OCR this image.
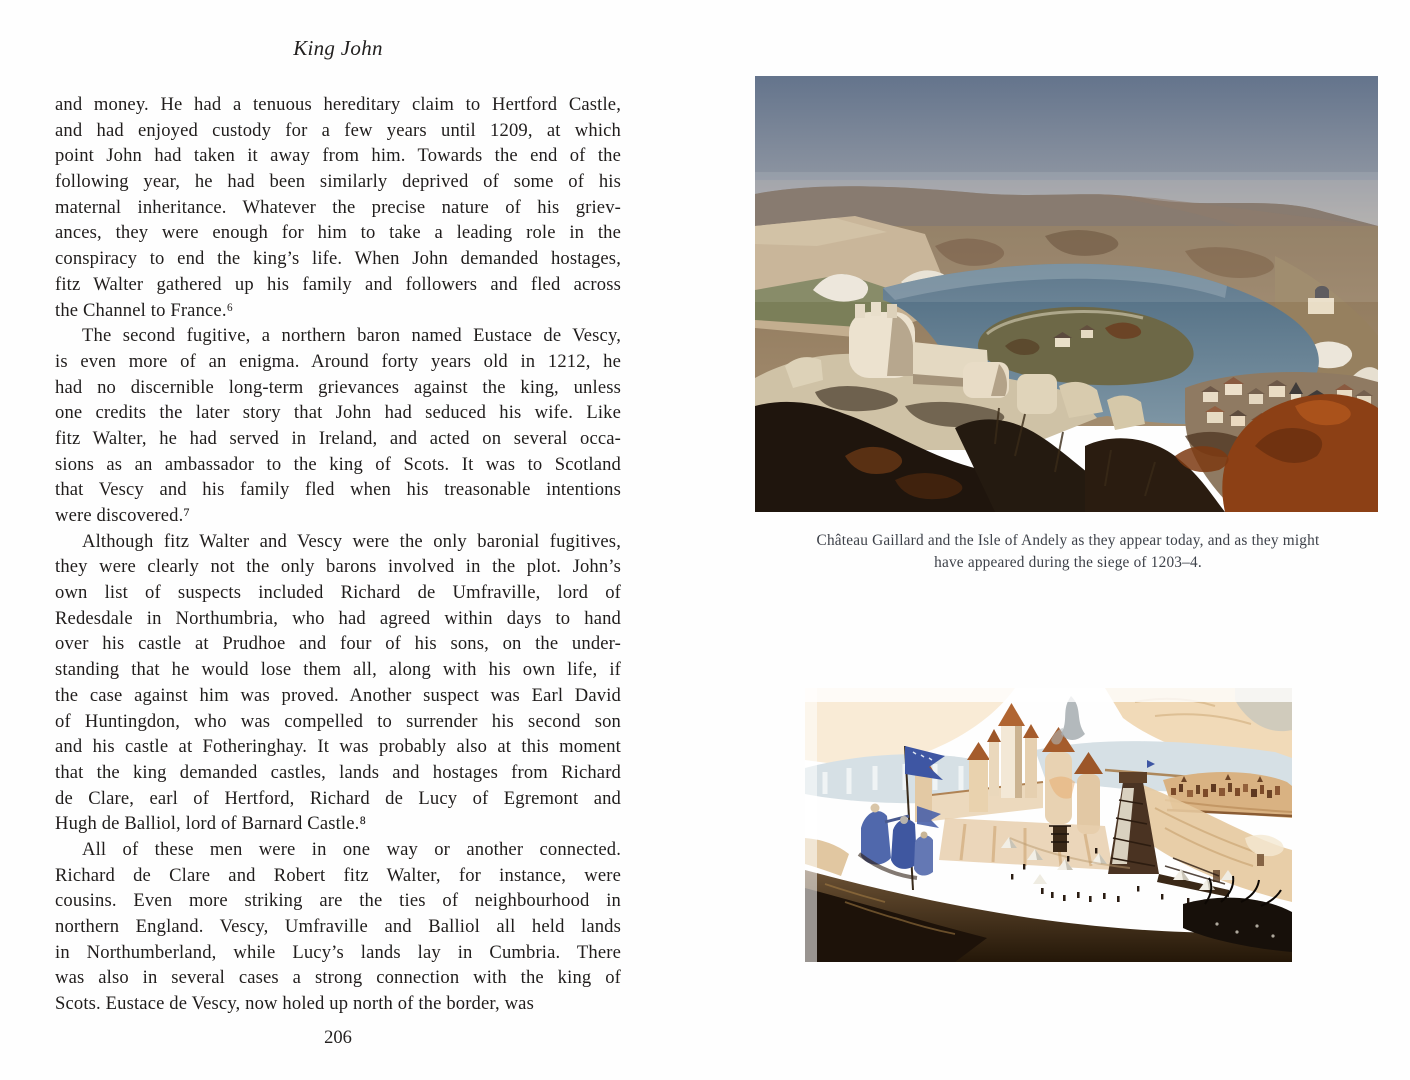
King John
and money. He had a tenuous hereditary claim to Hertford Castle,
and had enjoyed custody for a few years until 1209, at which
point John had taken it away from him. Towards the end of the
following year, he had been similarly deprived of some of his
maternal inheritance. Whatever the precise nature of his griev-
ances, they were enough for him to take a leading role in the
conspiracy to end the king’s life. When John demanded hostages,
fitz Walter gathered up his family and followers and fled across
the Channel to France.⁶
The second fugitive, a northern baron named Eustace de Vescy,
is even more of an enigma. Around forty years old in 1212, he
had no discernible long-term grievances against the king, unless
one credits the later story that John had seduced his wife. Like
fitz Walter, he had served in Ireland, and acted on several occa-
sions as an ambassador to the king of Scots. It was to Scotland
that Vescy and his family fled when his treasonable intentions
were discovered.⁷
Although fitz Walter and Vescy were the only baronial fugitives,
they were clearly not the only barons involved in the plot. John’s
own list of suspects included Richard de Umfraville, lord of
Redesdale in Northumbria, who had agreed within days to hand
over his castle at Prudhoe and four of his sons, on the under-
standing that he would lose them all, along with his own life, if
the case against him was proved. Another suspect was Earl David
of Huntingdon, who was compelled to surrender his second son
and his castle at Fotheringhay. It was probably also at this moment
that the king demanded castles, lands and hostages from Richard
de Clare, earl of Hertford, Richard de Lucy of Egremont and
Hugh de Balliol, lord of Barnard Castle.⁸
All of these men were in one way or another connected.
Richard de Clare and Robert fitz Walter, for instance, were
cousins. Even more striking are the ties of neighbourhood in
northern England. Vescy, Umfraville and Balliol all held lands
in Northumberland, while Lucy’s lands lay in Cumbria. There
was also in several cases a strong connection with the king of
Scots. Eustace de Vescy, now holed up north of the border, was
206
Château Gaillard and the Isle of Andely as they appear today, and as they might
have appeared during the siege of 1203–4.
